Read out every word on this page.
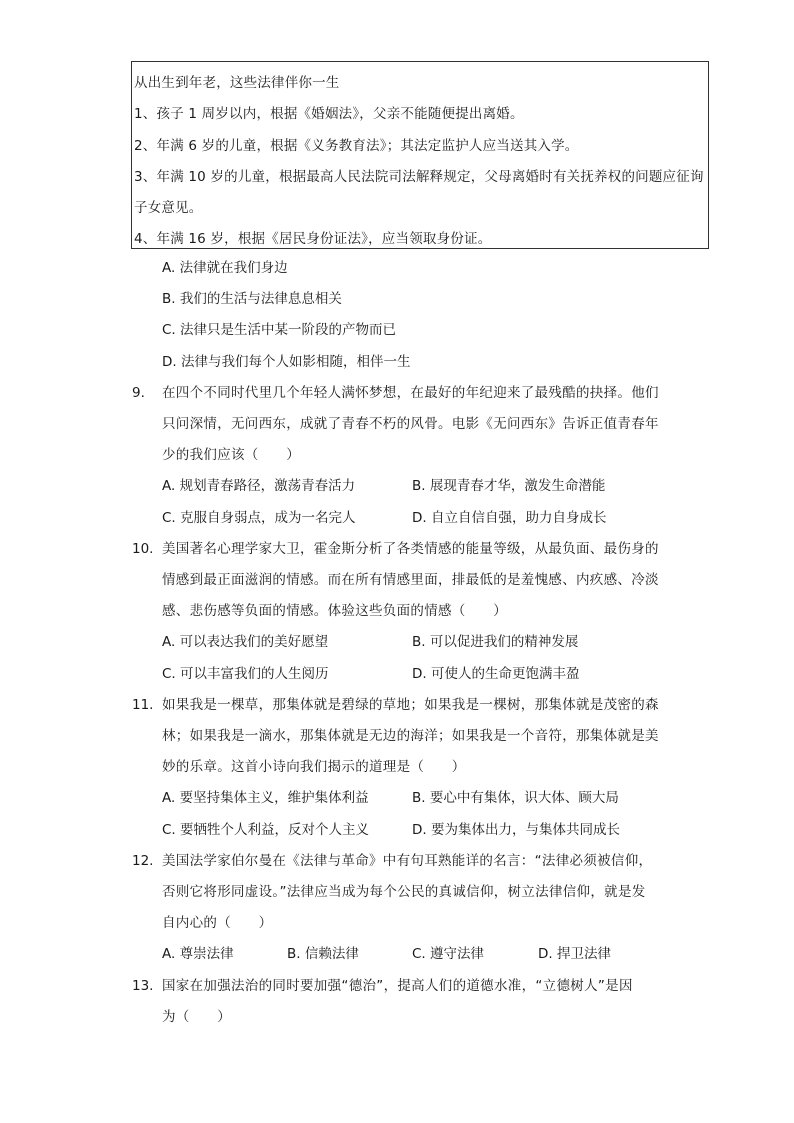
从出生到年老，这些法律伴你一生
1、孩子 1 周岁以内，根据《婚姻法》，父亲不能随便提出离婚。
2、年满 6 岁的儿童，根据《义务教育法》；其法定监护人应当送其入学。
3、年满 10 岁的儿童，根据最高人民法院司法解释规定，父母离婚时有关抚养权的问题应征询
子女意见。
4、年满 16 岁，根据《居民身份证法》，应当领取身份证。
A. 法律就在我们身边
B. 我们的生活与法律息息相关
C. 法律只是生活中某一阶段的产物而已
D. 法律与我们每个人如影相随，相伴一生
9. 在四个不同时代里几个年轻人满怀梦想，在最好的年纪迎来了最残酷的抉择。他们
只问深情，无问西东，成就了青春不朽的风骨。电影《无问西东》告诉正值青春年
少的我们应该（　　）
A. 规划青春路径，激荡青春活力	B. 展现青春才华，激发生命潜能
C. 克服自身弱点，成为一名完人	D. 自立自信自强，助力自身成长
10. 美国著名心理学家大卫，霍金斯分析了各类情感的能量等级，从最负面、最伤身的
情感到最正面滋润的情感。而在所有情感里面，排最低的是羞愧感、内疚感、冷淡
感、悲伤感等负面的情感。体验这些负面的情感（　　）
A. 可以表达我们的美好愿望	B. 可以促进我们的精神发展
C. 可以丰富我们的人生阅历	D. 可使人的生命更饱满丰盈
11. 如果我是一棵草，那集体就是碧绿的草地；如果我是一棵树，那集体就是茂密的森
林；如果我是一滴水，那集体就是无边的海洋；如果我是一个音符，那集体就是美
妙的乐章。这首小诗向我们揭示的道理是（　　）
A. 要坚持集体主义，维护集体利益	B. 要心中有集体，识大体、顾大局
C. 要牺牲个人利益，反对个人主义	D. 要为集体出力，与集体共同成长
12. 美国法学家伯尔曼在《法律与革命》中有句耳熟能详的名言：“法律必须被信仰，
否则它将形同虚设。”法律应当成为每个公民的真诚信仰，树立法律信仰，就是发
自内心的（　　）
A. 尊崇法律	B. 信赖法律	C. 遵守法律	D. 捍卫法律
13. 国家在加强法治的同时要加强“德治”，提高人们的道德水准，“立德树人”是因
为（　　）
